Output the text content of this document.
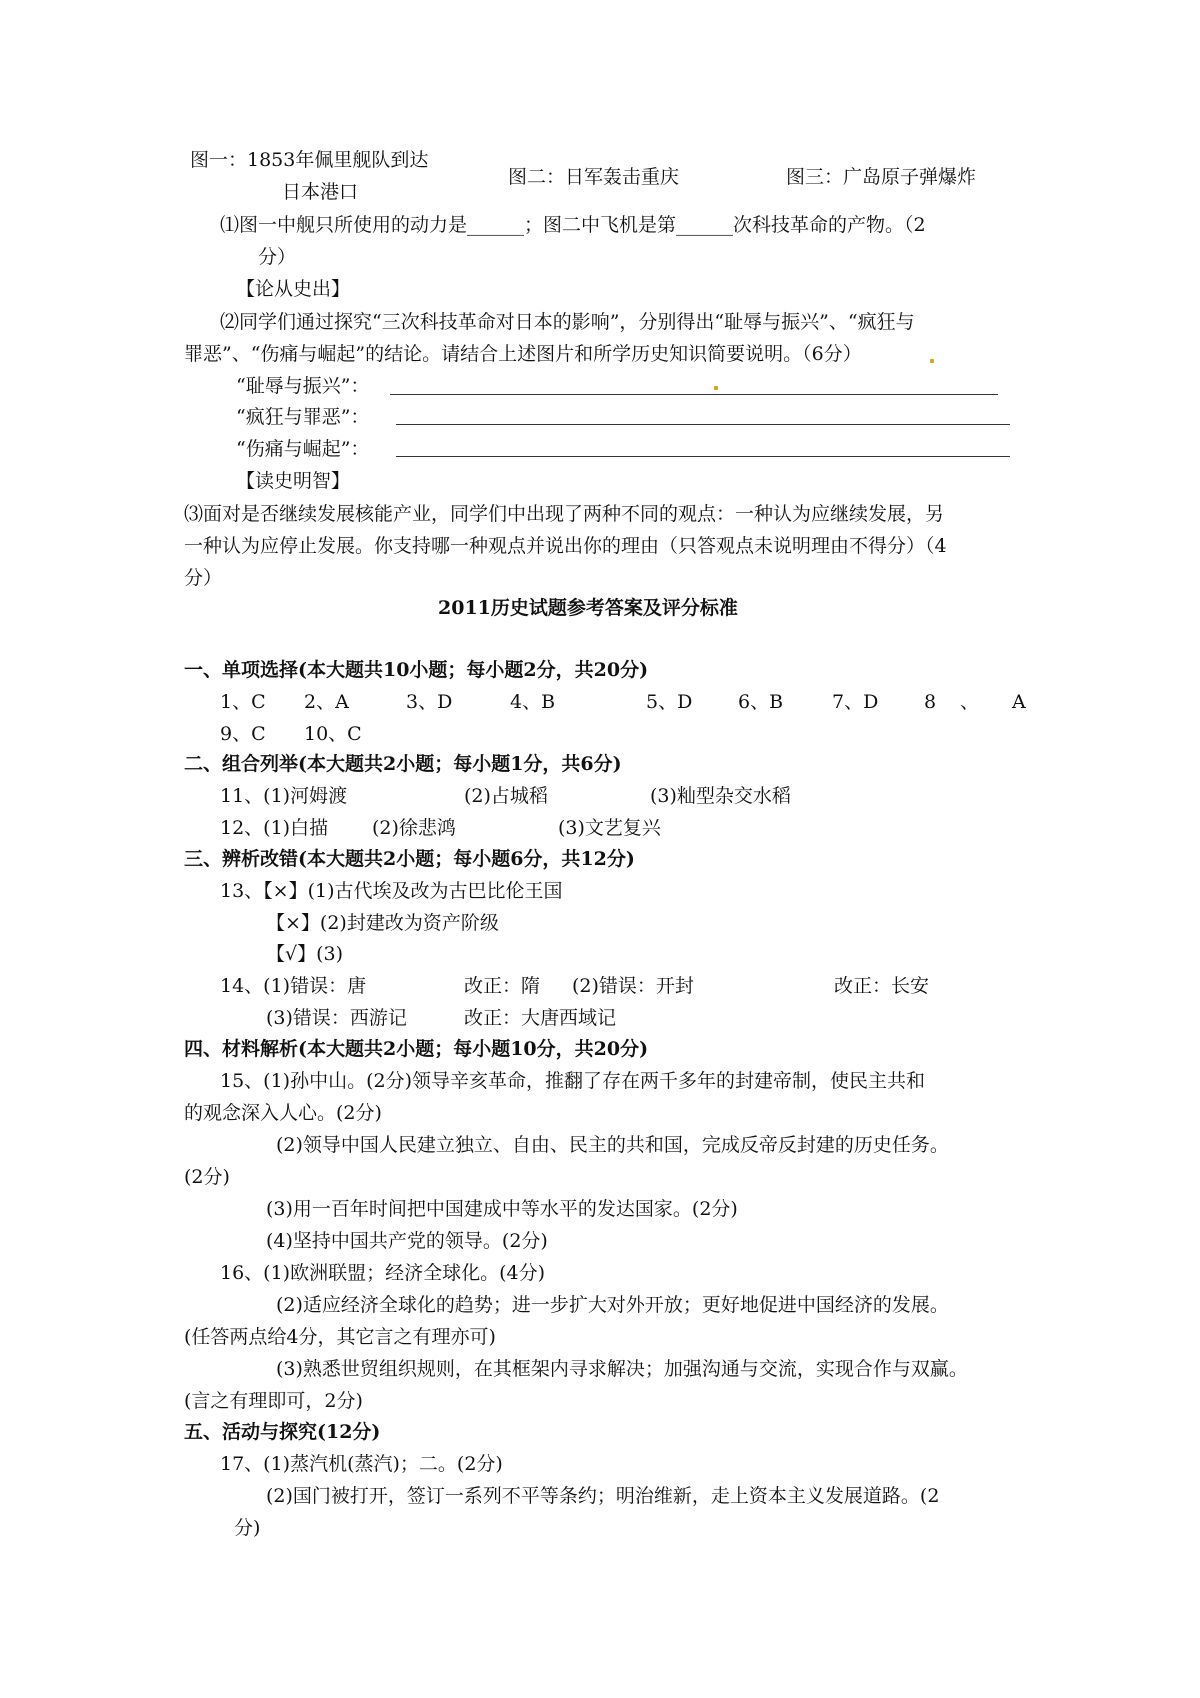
图一：1853年佩里舰队到达
日本港口
图二：日军轰击重庆	图三：广岛原子弹爆炸
⑴图一中舰只所使用的动力是______；图二中飞机是第______次科技革命的产物。（2
分）
【论从史出】
⑵同学们通过探究“三次科技革命对日本的影响”，分别得出“耻辱与振兴”、“疯狂与
罪恶”、“伤痛与崛起”的结论。请结合上述图片和所学历史知识简要说明。（6分）
“耻辱与振兴”：
“疯狂与罪恶”：
“伤痛与崛起”：
【读史明智】
⑶面对是否继续发展核能产业，同学们中出现了两种不同的观点：一种认为应继续发展，另
一种认为应停止发展。你支持哪一种观点并说出你的理由（只答观点未说明理由不得分）（4
分）
2011历史试题参考答案及评分标准
一、单项选择(本大题共10小题；每小题2分，共20分)
1、C 2、A	3、D	4、B	5、D 6、B	7、D 8 、 A
9、C 10、C
二、组合列举(本大题共2小题；每小题1分，共6分)
11、(1)河姆渡	(2)占城稻	(3)籼型杂交水稻
12、(1)白描 (2)徐悲鸿	(3)文艺复兴
三、辨析改错(本大题共2小题；每小题6分，共12分)
13、【×】(1)古代埃及改为古巴比伦王国
【×】(2)封建改为资产阶级
【√】(3)
14、(1)错误：唐	改正：隋 (2)错误：开封	改正：长安
(3)错误：西游记	改正：大唐西域记
四、材料解析(本大题共2小题；每小题10分，共20分)
15、(1)孙中山。(2分)领导辛亥革命，推翻了存在两千多年的封建帝制，使民主共和
的观念深入人心。(2分)
(2)领导中国人民建立独立、自由、民主的共和国，完成反帝反封建的历史任务。
(2分)
(3)用一百年时间把中国建成中等水平的发达国家。(2分)
(4)坚持中国共产党的领导。(2分)
16、(1)欧洲联盟；经济全球化。(4分)
(2)适应经济全球化的趋势；进一步扩大对外开放；更好地促进中国经济的发展。
(任答两点给4分，其它言之有理亦可)
(3)熟悉世贸组织规则，在其框架内寻求解决；加强沟通与交流，实现合作与双赢。
(言之有理即可，2分)
五、活动与探究(12分)
17、(1)蒸汽机(蒸汽)；二。(2分)
(2)国门被打开，签订一系列不平等条约；明治维新，走上资本主义发展道路。(2
分)
